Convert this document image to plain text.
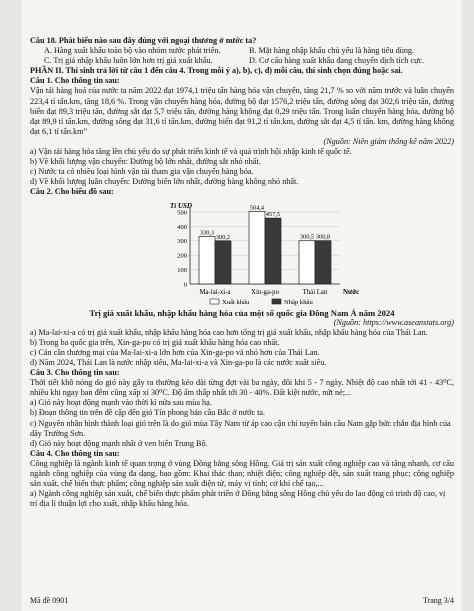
Câu 18. Phát biểu nào sau đây đúng với ngoại thương ở nước ta?

A. Hàng xuất khẩu toàn bộ vào nhóm nước phát triển.	B. Mặt hàng nhập khẩu chủ yếu là hàng tiêu dùng.
C. Trị giá nhập khẩu luôn lớn hơn trị giá xuất khẩu.	D. Cơ cấu hàng xuất khẩu đang chuyển dịch tích cực.

PHẦN II. Thí sinh trả lời từ câu 1 đến câu 4. Trong mỗi ý a), b), c), d) mỗi câu, thí sinh chọn đúng hoặc sai.

Câu 1. Cho thông tin sau:

Vận tải hàng hoá của nước ta năm 2022 đạt 1974,1 triệu tấn hàng hóa vận chuyển, tăng 21,7 % so với năm trước và luân chuyển 223,4 tỉ tấn.km, tăng 18,6 %. Trong vận chuyển hàng hóa, đường bộ đạt 1576,2 triệu tấn, đường sông đạt 302,6 triệu tấn, đường biển đạt 89,3 triệu tấn, đường sắt đạt 5,7 triệu tấn, đường hàng không đạt 0,29 triệu tấn. Trong luân chuyển hàng hóa, đường bộ đạt 89,9 tỉ tấn.km, đường sông đạt 31,6 tỉ tấn.km, đường biển đạt 91,2 tỉ tấn.km, đường sắt đạt 4,5 tỉ tấn. km, đường hàng không đạt 6,1 tỉ tấn.km”

(Nguồn: Niên giám thống kê năm 2022)

a) Vận tải hàng hóa tăng lên chủ yếu do sự phát triển kinh tế và quá trình hội nhập kinh tế quốc tế.

b) Về khối lượng vận chuyển: Đường bộ lớn nhất, đường sắt nhỏ nhất.

c) Nước ta có nhiều loại hình vận tải tham gia vận chuyển hàng hóa.

d) Về khối lượng luân chuyển: Đường biển lớn nhất, đường hàng không nhỏ nhất.

Câu 2. Cho biểu đồ sau:

Tỉ USD
0
100
200
300
400
500
Nước
330,3
300,2
Ma-lai-xi-a
504,4
457,5
Xin-ga-po
300,5 300,8
Thái Lan
Xuất khẩu	Nhập khẩu

Trị giá xuất khẩu, nhập khẩu hàng hóa của một số quốc gia Đông Nam Á năm 2024

(Nguồn: https://www.aseanstats.org)

a) Ma-lai-xi-a có trị giá xuất khẩu, nhập khẩu hàng hóa cao hơn tổng trị giá xuất khẩu, nhập khẩu hàng hóa của Thái Lan.

b) Trong ba quốc gia trên, Xin-ga-po có trị giá xuất khẩu hàng hóa cao nhất.

c) Cán cân thương mại của Ma-lai-xi-a lớn hơn của Xin-ga-po và nhỏ hơn của Thái Lan.

d) Năm 2024, Thái Lan là nước nhập siêu, Ma-lai-xi-a và Xin-ga-po là các nước xuất siêu.

Câu 3. Cho thông tin sau:

Thời tiết khô nóng do gió này gây ra thường kéo dài từng đợt vài ba ngày, đôi khi 5 - 7 ngày. Nhiệt độ cao nhất tới 41 - 43⁰C, nhiều khi ngay ban đêm cũng xấp xỉ 30⁰C. Độ ẩm thấp nhất tới 30 - 40%. Đất kiệt nước, nứt nẻ;...

a) Gió này hoạt động mạnh vào thời kì nửa sau mùa hạ.

b) Đoạn thông tin trên đề cập đến gió Tín phong bán cầu Bắc ở nước ta.

c) Nguyên nhân hình thành loại gió trên là do gió mùa Tây Nam từ áp cao cận chí tuyến bán cầu Nam gặp bức chắn địa hình của dãy Trường Sơn.

d) Gió này hoạt động mạnh nhất ở ven biển Trung Bộ.

Câu 4. Cho thông tin sau:

Công nghiệp là ngành kinh tế quan trọng ở vùng Đồng bằng sông Hồng. Giá trị sản xuất công nghiệp cao và tăng nhanh, cơ cấu ngành công nghiệp của vùng đa dạng, bao gồm: Khai thác than; nhiệt điện; công nghiệp dệt, sản xuất trang phục; công nghiệp sản xuất, chế biến thực phẩm; công nghiệp sản xuất điện tử, máy vi tính; cơ khí chế tạo,...

a) Ngành công nghiệp sản xuất, chế biến thực phẩm phát triển ở Đồng bằng sông Hồng chủ yếu do lao động có trình độ cao, vị trí địa lí thuận lợi cho xuất, nhập khẩu hàng hóa.

Mã đề 0901	Trang 3/4
